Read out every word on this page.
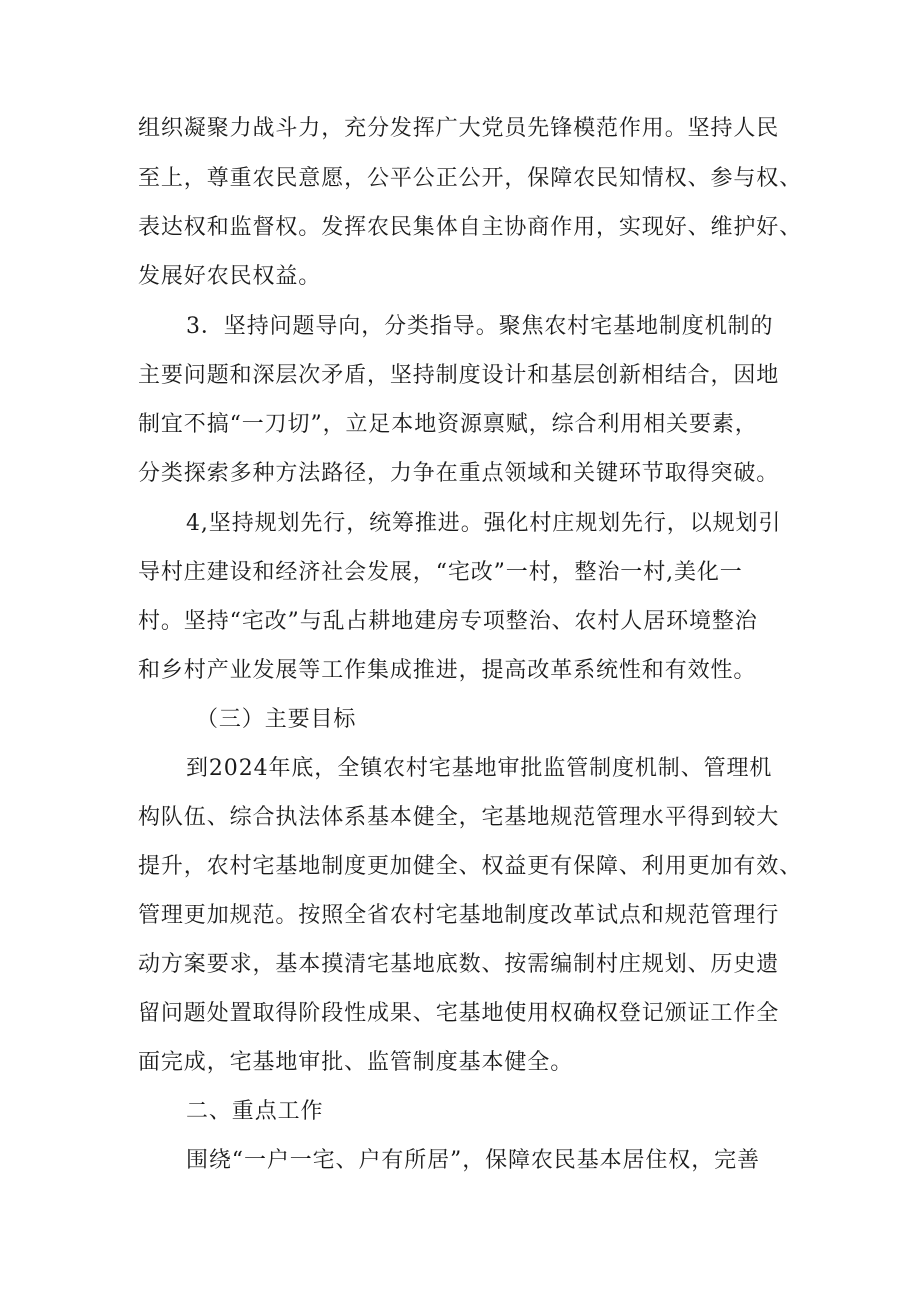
组织凝聚力战斗力，充分发挥广大党员先锋模范作用。坚持人民
至上，尊重农民意愿，公平公正公开，保障农民知情权、参与权、
表达权和监督权。发挥农民集体自主协商作用，实现好、维护好、
发展好农民权益。
3．坚持问题导向，分类指导。聚焦农村宅基地制度机制的
主要问题和深层次矛盾，坚持制度设计和基层创新相结合，因地
制宜不搞“一刀切”，立足本地资源禀赋，综合利用相关要素，
分类探索多种方法路径，力争在重点领域和关键环节取得突破。
4,坚持规划先行，统筹推进。强化村庄规划先行，以规划引
导村庄建设和经济社会发展，“宅改”一村，整治一村,美化一
村。坚持“宅改”与乱占耕地建房专项整治、农村人居环境整治
和乡村产业发展等工作集成推进，提高改革系统性和有效性。
（三）主要目标
到2024年底，全镇农村宅基地审批监管制度机制、管理机
构队伍、综合执法体系基本健全，宅基地规范管理水平得到较大
提升，农村宅基地制度更加健全、权益更有保障、利用更加有效、
管理更加规范。按照全省农村宅基地制度改革试点和规范管理行
动方案要求，基本摸清宅基地底数、按需编制村庄规划、历史遗
留问题处置取得阶段性成果、宅基地使用权确权登记颁证工作全
面完成，宅基地审批、监管制度基本健全。
二、重点工作
围绕“一户一宅、户有所居”，保障农民基本居住权，完善
